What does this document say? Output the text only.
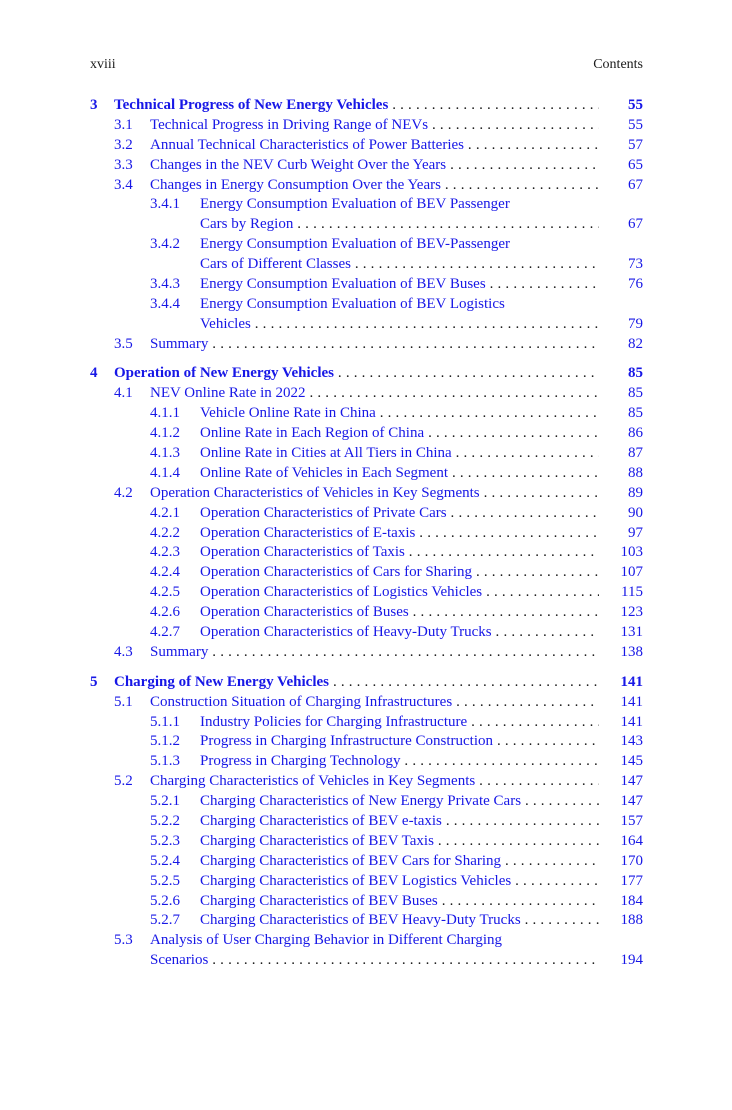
xviii	Contents
3 Technical Progress of New Energy Vehicles . . .	55
3.1 Technical Progress in Driving Range of NEVs . . .	55
3.2 Annual Technical Characteristics of Power Batteries . . .	57
3.3 Changes in the NEV Curb Weight Over the Years . . .	65
3.4 Changes in Energy Consumption Over the Years . . .	67
3.4.1 Energy Consumption Evaluation of BEV Passenger
Cars by Region . . .	67
3.4.2 Energy Consumption Evaluation of BEV-Passenger
Cars of Different Classes . . .	73
3.4.3 Energy Consumption Evaluation of BEV Buses . . .	76
3.4.4 Energy Consumption Evaluation of BEV Logistics
Vehicles . . .	79
3.5 Summary . . .	82
4 Operation of New Energy Vehicles . . .	85
4.1 NEV Online Rate in 2022 . . .	85
4.1.1 Vehicle Online Rate in China . . .	85
4.1.2 Online Rate in Each Region of China . . .	86
4.1.3 Online Rate in Cities at All Tiers in China . . .	87
4.1.4 Online Rate of Vehicles in Each Segment . . .	88
4.2 Operation Characteristics of Vehicles in Key Segments . . .	89
4.2.1 Operation Characteristics of Private Cars . . .	90
4.2.2 Operation Characteristics of E-taxis . . .	97
4.2.3 Operation Characteristics of Taxis . . .	103
4.2.4 Operation Characteristics of Cars for Sharing . . .	107
4.2.5 Operation Characteristics of Logistics Vehicles . . .	115
4.2.6 Operation Characteristics of Buses . . .	123
4.2.7 Operation Characteristics of Heavy-Duty Trucks . . .	131
4.3 Summary . . .	138
5 Charging of New Energy Vehicles . . .	141
5.1 Construction Situation of Charging Infrastructures . . .	141
5.1.1 Industry Policies for Charging Infrastructure . . .	141
5.1.2 Progress in Charging Infrastructure Construction . . .	143
5.1.3 Progress in Charging Technology . . .	145
5.2 Charging Characteristics of Vehicles in Key Segments . . .	147
5.2.1 Charging Characteristics of New Energy Private Cars . . .	147
5.2.2 Charging Characteristics of BEV e-taxis . . .	157
5.2.3 Charging Characteristics of BEV Taxis . . .	164
5.2.4 Charging Characteristics of BEV Cars for Sharing . . .	170
5.2.5 Charging Characteristics of BEV Logistics Vehicles . . .	177
5.2.6 Charging Characteristics of BEV Buses . . .	184
5.2.7 Charging Characteristics of BEV Heavy-Duty Trucks . . .	188
5.3 Analysis of User Charging Behavior in Different Charging
Scenarios . . .	194
